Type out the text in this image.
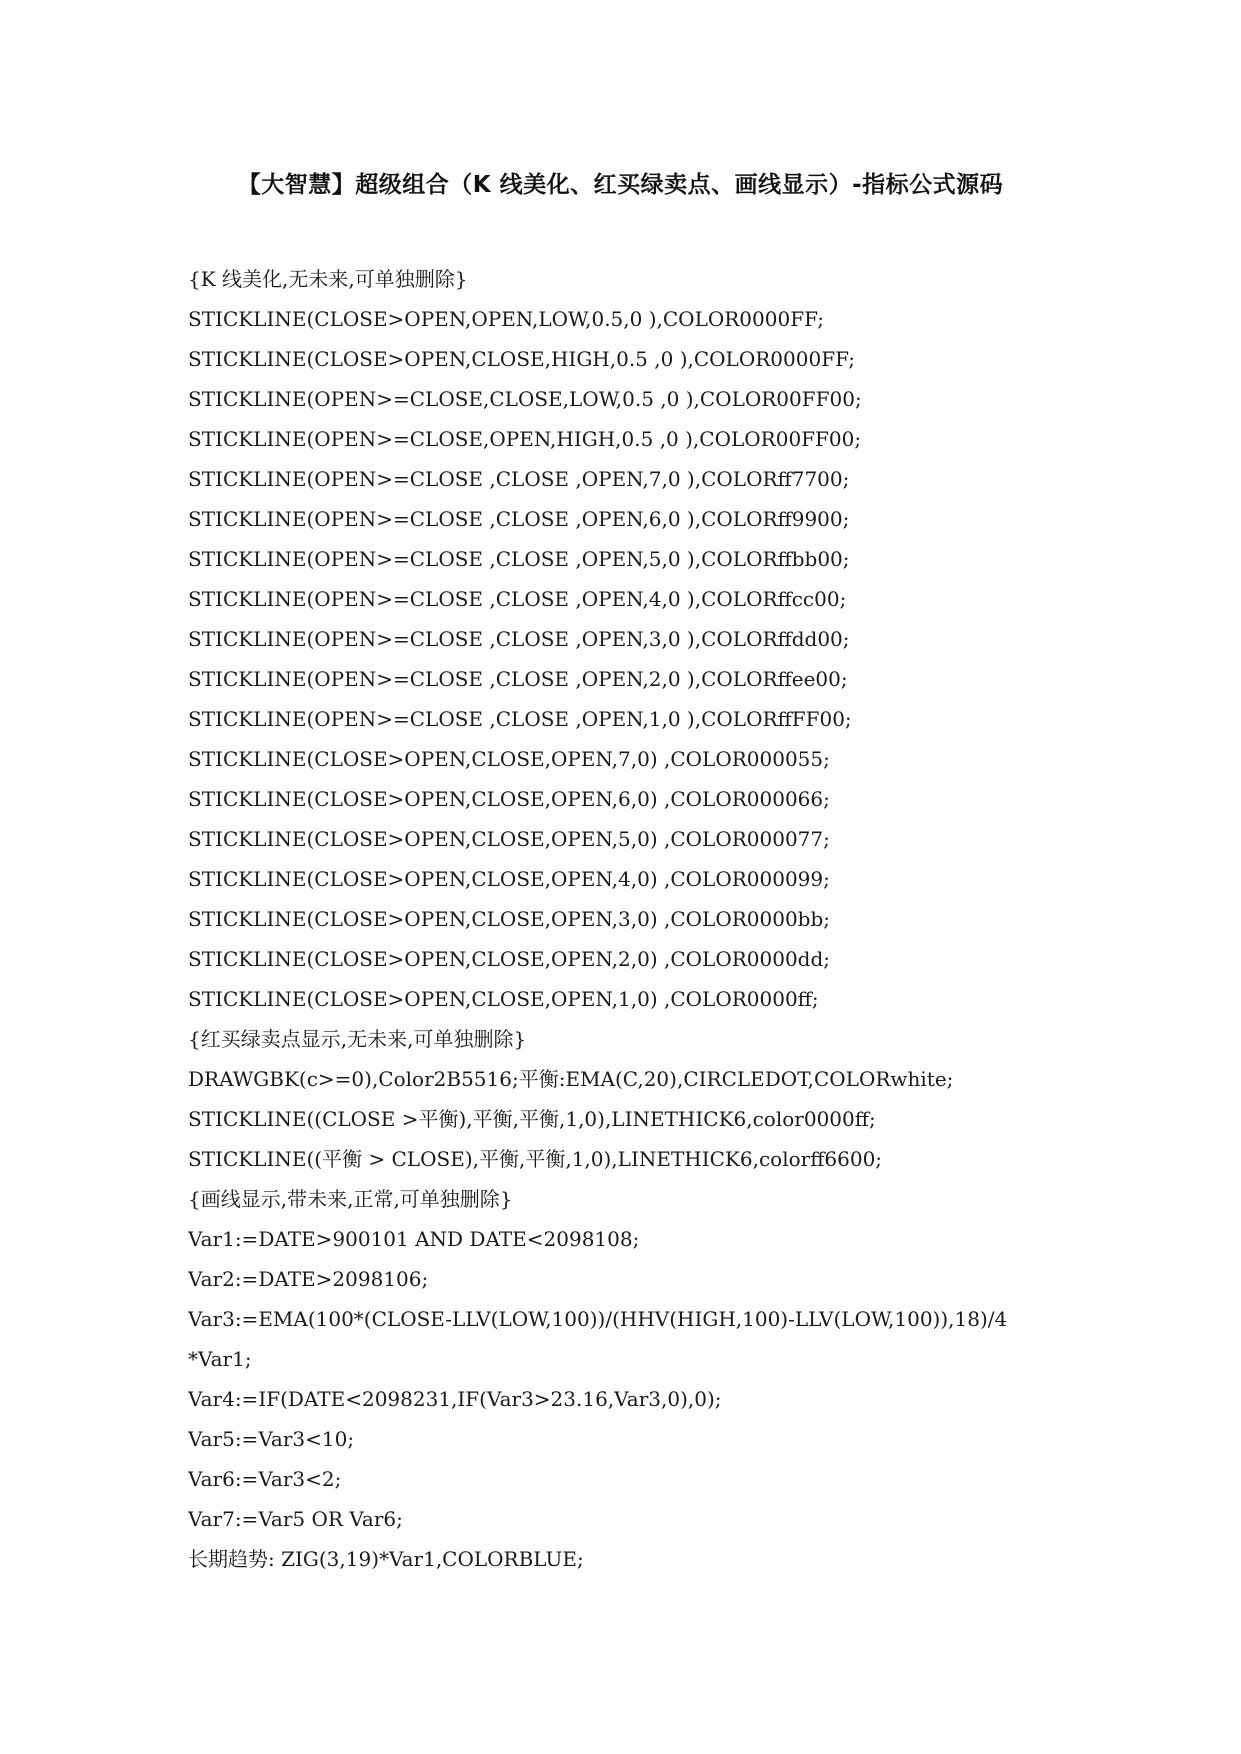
【大智慧】超级组合（K 线美化、红买绿卖点、画线显示）-指标公式源码
{K 线美化,无未来,可单独删除}
STICKLINE(CLOSE>OPEN,OPEN,LOW,0.5,0 ),COLOR0000FF;
STICKLINE(CLOSE>OPEN,CLOSE,HIGH,0.5 ,0 ),COLOR0000FF;
STICKLINE(OPEN>=CLOSE,CLOSE,LOW,0.5 ,0 ),COLOR00FF00;
STICKLINE(OPEN>=CLOSE,OPEN,HIGH,0.5 ,0 ),COLOR00FF00;
STICKLINE(OPEN>=CLOSE ,CLOSE ,OPEN,7,0 ),COLORff7700;
STICKLINE(OPEN>=CLOSE ,CLOSE ,OPEN,6,0 ),COLORff9900;
STICKLINE(OPEN>=CLOSE ,CLOSE ,OPEN,5,0 ),COLORffbb00;
STICKLINE(OPEN>=CLOSE ,CLOSE ,OPEN,4,0 ),COLORffcc00;
STICKLINE(OPEN>=CLOSE ,CLOSE ,OPEN,3,0 ),COLORffdd00;
STICKLINE(OPEN>=CLOSE ,CLOSE ,OPEN,2,0 ),COLORffee00;
STICKLINE(OPEN>=CLOSE ,CLOSE ,OPEN,1,0 ),COLORffFF00;
STICKLINE(CLOSE>OPEN,CLOSE,OPEN,7,0) ,COLOR000055;
STICKLINE(CLOSE>OPEN,CLOSE,OPEN,6,0) ,COLOR000066;
STICKLINE(CLOSE>OPEN,CLOSE,OPEN,5,0) ,COLOR000077;
STICKLINE(CLOSE>OPEN,CLOSE,OPEN,4,0) ,COLOR000099;
STICKLINE(CLOSE>OPEN,CLOSE,OPEN,3,0) ,COLOR0000bb;
STICKLINE(CLOSE>OPEN,CLOSE,OPEN,2,0) ,COLOR0000dd;
STICKLINE(CLOSE>OPEN,CLOSE,OPEN,1,0) ,COLOR0000ff;
{红买绿卖点显示,无未来,可单独删除}
DRAWGBK(c>=0),Color2B5516;平衡:EMA(C,20),CIRCLEDOT,COLORwhite;
STICKLINE((CLOSE >平衡),平衡,平衡,1,0),LINETHICK6,color0000ff;
STICKLINE((平衡 > CLOSE),平衡,平衡,1,0),LINETHICK6,colorff6600;
{画线显示,带未来,正常,可单独删除}
Var1:=DATE>900101 AND DATE<2098108;
Var2:=DATE>2098106;
Var3:=EMA(100*(CLOSE-LLV(LOW,100))/(HHV(HIGH,100)-LLV(LOW,100)),18)/4
*Var1;
Var4:=IF(DATE<2098231,IF(Var3>23.16,Var3,0),0);
Var5:=Var3<10;
Var6:=Var3<2;
Var7:=Var5 OR Var6;
长期趋势: ZIG(3,19)*Var1,COLORBLUE;
